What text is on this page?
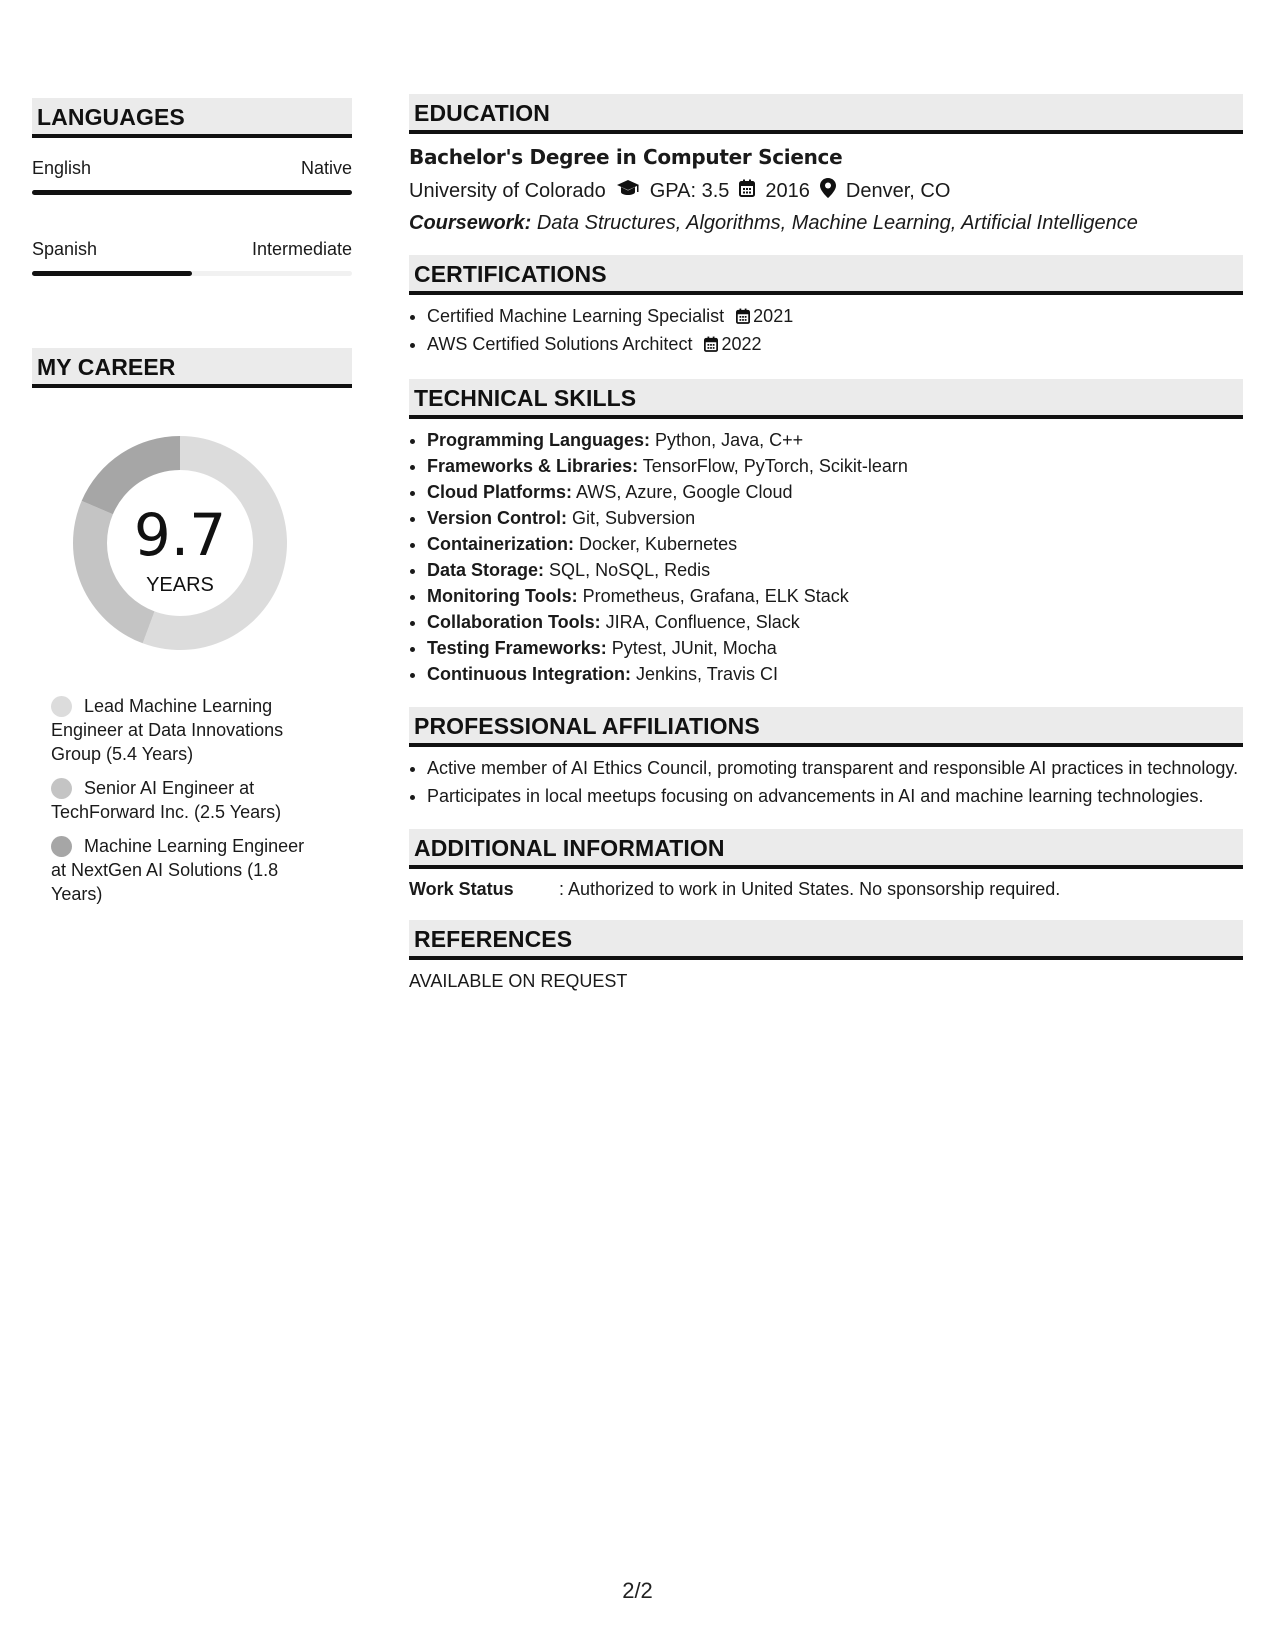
LANGUAGES
English	Native
Spanish	Intermediate
MY CAREER
9.7
YEARS
Lead Machine Learning Engineer at Data Innovations Group (5.4 Years)
Senior AI Engineer at TechForward Inc. (2.5 Years)
Machine Learning Engineer at NextGen AI Solutions (1.8 Years)
EDUCATION
Bachelor's Degree in Computer Science
University of Colorado GPA: 3.5 2016 Denver, CO
Coursework: Data Structures, Algorithms, Machine Learning, Artificial Intelligence
CERTIFICATIONS
• Certified Machine Learning Specialist 2021
• AWS Certified Solutions Architect 2022
TECHNICAL SKILLS
• Programming Languages: Python, Java, C++
• Frameworks & Libraries: TensorFlow, PyTorch, Scikit-learn
• Cloud Platforms: AWS, Azure, Google Cloud
• Version Control: Git, Subversion
• Containerization: Docker, Kubernetes
• Data Storage: SQL, NoSQL, Redis
• Monitoring Tools: Prometheus, Grafana, ELK Stack
• Collaboration Tools: JIRA, Confluence, Slack
• Testing Frameworks: Pytest, JUnit, Mocha
• Continuous Integration: Jenkins, Travis CI
PROFESSIONAL AFFILIATIONS
• Active member of AI Ethics Council, promoting transparent and responsible AI practices in technology.
• Participates in local meetups focusing on advancements in AI and machine learning technologies.
ADDITIONAL INFORMATION
Work Status	: Authorized to work in United States. No sponsorship required.
REFERENCES
AVAILABLE ON REQUEST
2/2
